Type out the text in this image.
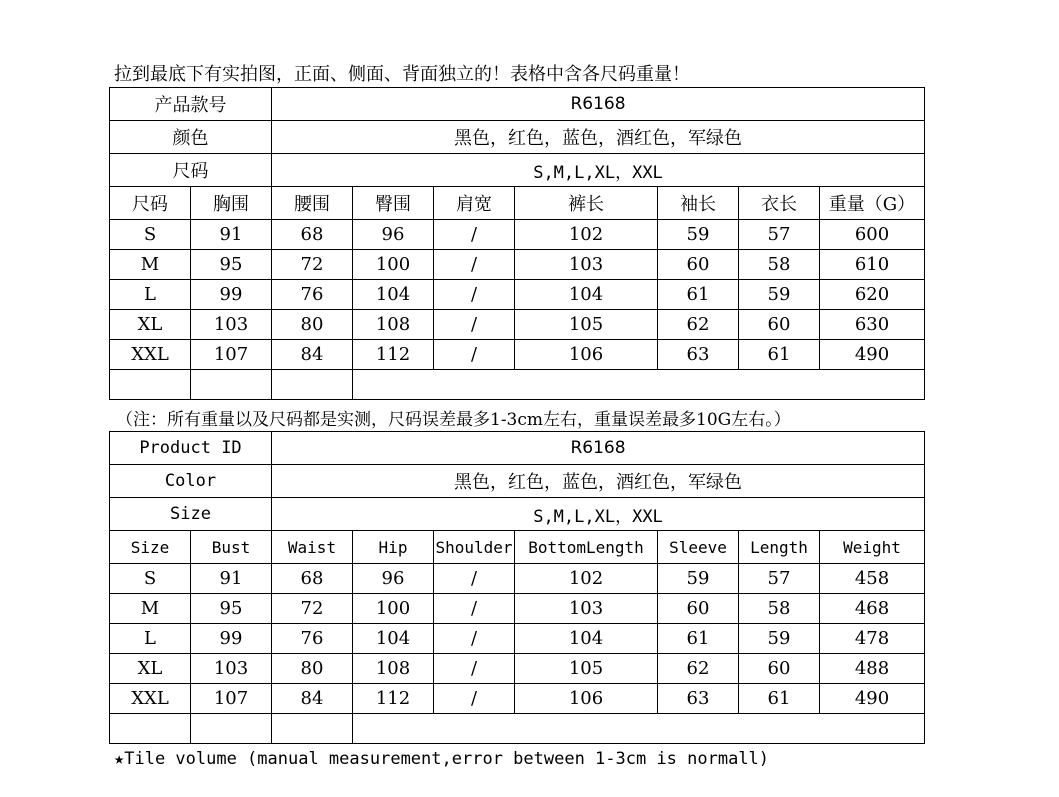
拉到最底下有实拍图，正面、侧面、背面独立的！表格中含各尺码重量！
产品款号		R6168						
颜色		黑色，红色，蓝色，酒红色，军绿色						
尺码		S,M,L,XL，XXL						
尺码	胸围	腰围	臀围	肩宽	裤长	袖长	衣长	重量（G）
S	91	68	96	/	102	59	57	600
M	95	72	100	/	103	60	58	610
L	99	76	104	/	104	61	59	620
XL	103	80	108	/	105	62	60	630
XXL	107	84	112	/	106	63	61	490

（注：所有重量以及尺码都是实测，尺码误差最多1-3cm左右，重量误差最多10G左右。）
Product ID		R6168						
Color		黑色，红色，蓝色，酒红色，军绿色						
Size		S,M,L,XL，XXL						
Size	Bust	Waist	Hip	Shoulder	BottomLength	Sleeve	Length	Weight
S	91	68	96	/	102	59	57	458
M	95	72	100	/	103	60	58	468
L	99	76	104	/	104	61	59	478
XL	103	80	108	/	105	62	60	488
XXL	107	84	112	/	106	63	61	490

★Tile volume (manual measurement,error between 1-3cm is normall)
